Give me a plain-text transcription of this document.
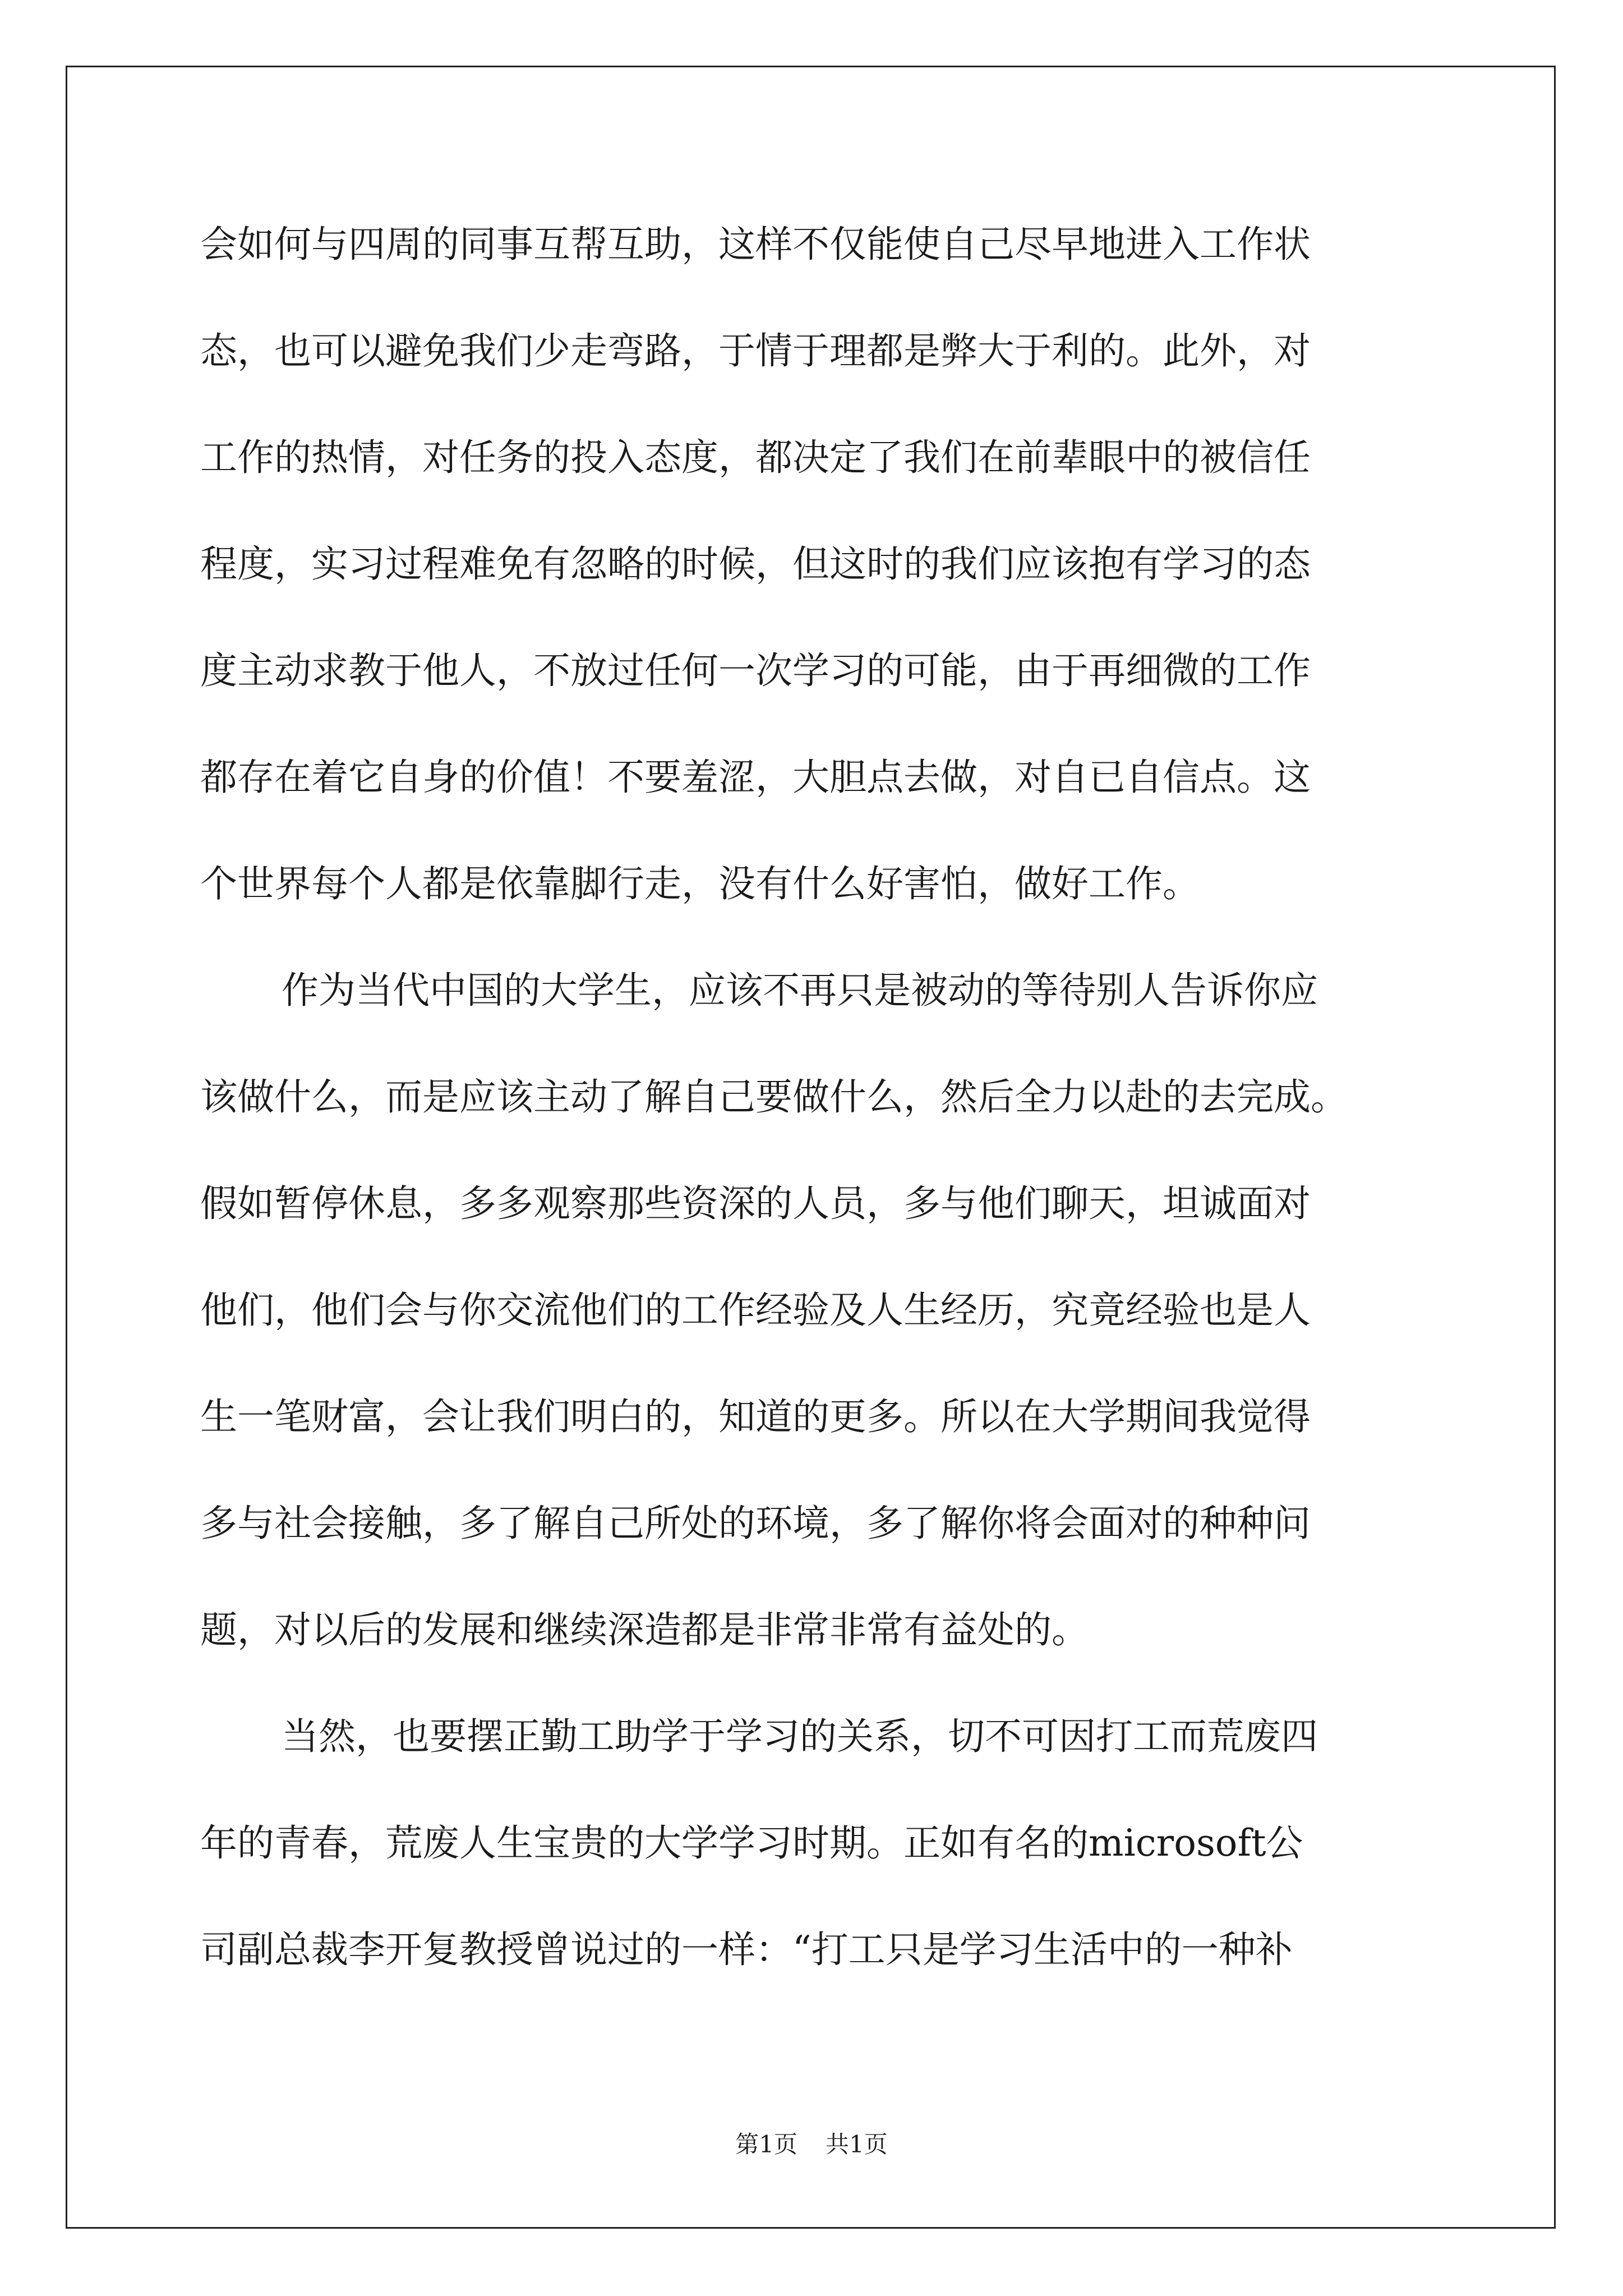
会如何与四周的同事互帮互助，这样不仅能使自己尽早地进入工作状
态，也可以避免我们少走弯路，于情于理都是弊大于利的。此外，对
工作的热情，对任务的投入态度，都决定了我们在前辈眼中的被信任
程度，实习过程难免有忽略的时候，但这时的我们应该抱有学习的态
度主动求教于他人，不放过任何一次学习的可能，由于再细微的工作
都存在着它自身的价值！不要羞涩，大胆点去做，对自已自信点。这
个世界每个人都是依靠脚行走，没有什么好害怕，做好工作。
作为当代中国的大学生，应该不再只是被动的等待别人告诉你应
该做什么，而是应该主动了解自己要做什么，然后全力以赴的去完成。
假如暂停休息，多多观察那些资深的人员，多与他们聊天，坦诚面对
他们，他们会与你交流他们的工作经验及人生经历，究竟经验也是人
生一笔财富，会让我们明白的，知道的更多。所以在大学期间我觉得
多与社会接触，多了解自己所处的环境，多了解你将会面对的种种问
题，对以后的发展和继续深造都是非常非常有益处的。
当然，也要摆正勤工助学于学习的关系，切不可因打工而荒废四
年的青春，荒废人生宝贵的大学学习时期。正如有名的microsoft公
司副总裁李开复教授曾说过的一样：“打工只是学习生活中的一种补
第1页 共1页
